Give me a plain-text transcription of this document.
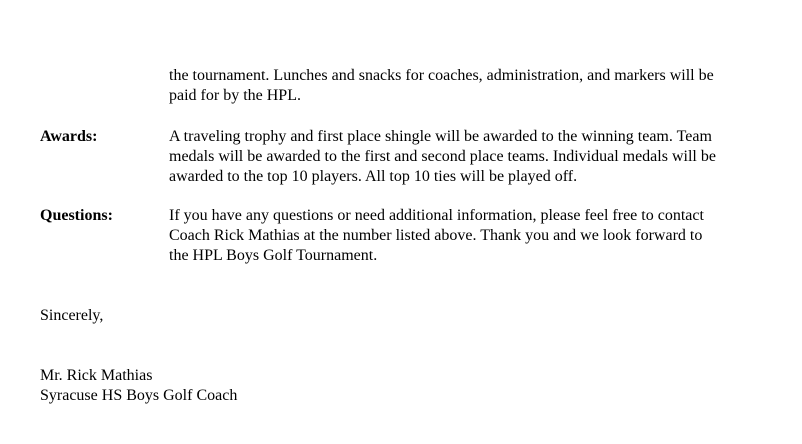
the tournament. Lunches and snacks for coaches, administration, and markers will be
paid for by the HPL.
Awards:	A traveling trophy and first place shingle will be awarded to the winning team. Team
medals will be awarded to the first and second place teams. Individual medals will be
awarded to the top 10 players. All top 10 ties will be played off.
Questions:	If you have any questions or need additional information, please feel free to contact
Coach Rick Mathias at the number listed above. Thank you and we look forward to
the HPL Boys Golf Tournament.
Sincerely,
Mr. Rick Mathias
Syracuse HS Boys Golf Coach
